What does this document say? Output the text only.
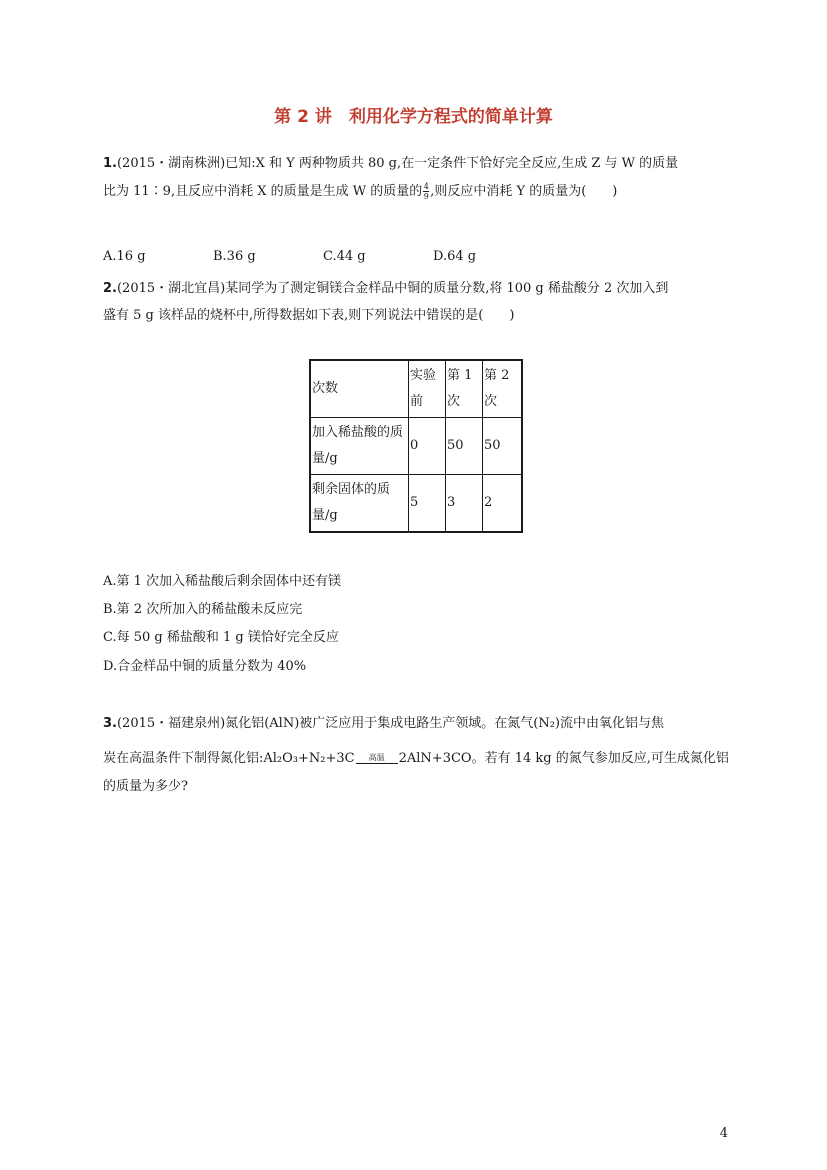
第 2 讲　利用化学方程式的简单计算
1.(2015・湖南株洲)已知:X 和 Y 两种物质共 80 g,在一定条件下恰好完全反应,生成 Z 与 W 的质量
比为 11∶9,且反应中消耗 X 的质量是生成 W 的质量的 $\frac{4}{9}$ ,则反应中消耗 Y 的质量为(　　)
A.16 g	B.36 g	C.44 g	D.64 g
2.(2015・湖北宜昌)某同学为了测定铜镁合金样品中铜的质量分数,将 100 g 稀盐酸分 2 次加入到
盛有 5 g 该样品的烧杯中,所得数据如下表,则下列说法中错误的是(　　)
次数	实验前	第 1 次	第 2 次
加入稀盐酸的质量/g	0	50	50
剩余固体的质量/g	5	3	2
A.第 1 次加入稀盐酸后剩余固体中还有镁
B.第 2 次所加入的稀盐酸未反应完
C.每 50 g 稀盐酸和 1 g 镁恰好完全反应
D.合金样品中铜的质量分数为 40%
3.(2015・福建泉州)氮化铝(AlN)被广泛应用于集成电路生产领域。在氮气(N₂)流中由氧化铝与焦
炭在高温条件下制得氮化铝:Al₂O₃+N₂+3C 高温 2AlN+3CO。若有 14 kg 的氮气参加反应,可生成氮化铝
的质量为多少?
4
